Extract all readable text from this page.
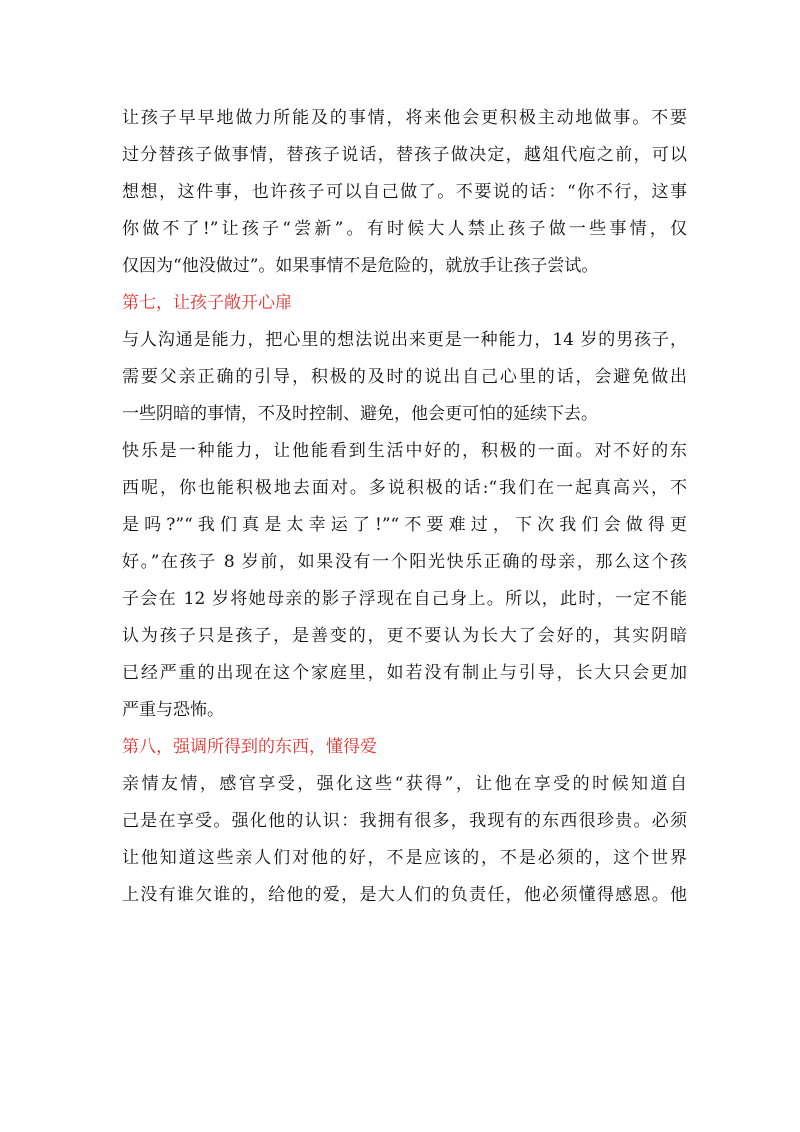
让孩子早早地做力所能及的事情，将来他会更积极主动地做事。不要
过分替孩子做事情，替孩子说话，替孩子做决定，越俎代庖之前，可以
想想，这件事，也许孩子可以自己做了。不要说的话：“你不行，这事
你做不了!”让孩子“尝新”。有时候大人禁止孩子做一些事情，仅
仅因为“他没做过”。如果事情不是危险的，就放手让孩子尝试。
第七，让孩子敞开心扉
与人沟通是能力，把心里的想法说出来更是一种能力，14 岁的男孩子，
需要父亲正确的引导，积极的及时的说出自己心里的话，会避免做出
一些阴暗的事情，不及时控制、避免，他会更可怕的延续下去。
快乐是一种能力，让他能看到生活中好的，积极的一面。对不好的东
西呢，你也能积极地去面对。多说积极的话:“我们在一起真高兴，不
是吗?”“我们真是太幸运了!”“不要难过，下次我们会做得更
好。”在孩子 8 岁前，如果没有一个阳光快乐正确的母亲，那么这个孩
子会在 12 岁将她母亲的影子浮现在自己身上。所以，此时，一定不能
认为孩子只是孩子，是善变的，更不要认为长大了会好的，其实阴暗
已经严重的出现在这个家庭里，如若没有制止与引导，长大只会更加
严重与恐怖。
第八，强调所得到的东西，懂得爱
亲情友情，感官享受，强化这些“获得”，让他在享受的时候知道自
己是在享受。强化他的认识：我拥有很多，我现有的东西很珍贵。必须
让他知道这些亲人们对他的好，不是应该的，不是必须的，这个世界
上没有谁欠谁的，给他的爱，是大人们的负责任，他必须懂得感恩。他
